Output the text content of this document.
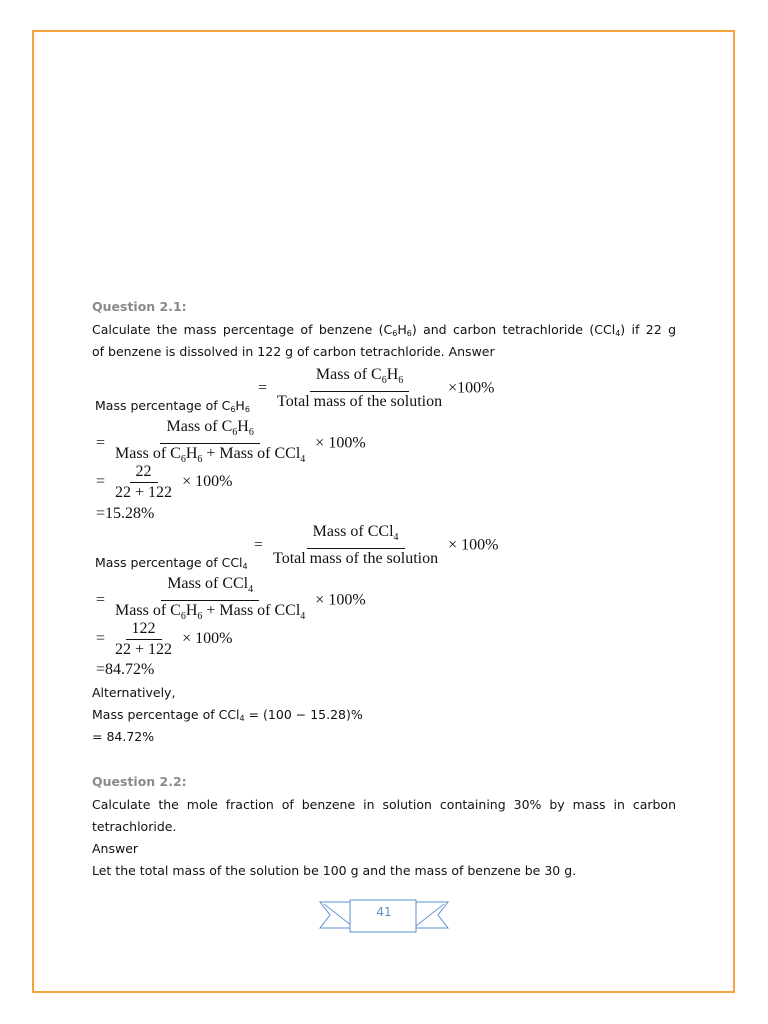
Question 2.1:
Calculate the mass percentage of benzene $(C_6H_6)$ and carbon tetrachloride (CCl$_4$) if 22 g
of benzene is dissolved in 122 g of carbon tetrachloride. Answer
= $\frac{Mass of C_6H_6}{\text{Total mass of the solution}} \times 100\%$
Mass percentage of $C_6H_6$
= $\frac{Mass of C_6H_6}{Mass of C_6H_6 + Mass of CCl_4} \times 100\%$
= $\frac{22}{22 + 122} \times 100\%$
=15.28%
= $\frac{Mass of CCl_4}{\text{Total mass of the solution}} \times 100\%$
Mass percentage of CCl$_4$
= $\frac{Mass of CCl_4}{Mass of C_6H_6 + Mass of CCl_4} \times 100\%$
= $\frac{122}{22 + 122} \times 100\%$
=84.72%
Alternatively,
Mass percentage of CCl$_4$ = (100 − 15.28)%
= 84.72%
Question 2.2:
Calculate the mole fraction of benzene in solution containing 30% by mass in carbon
tetrachloride.
Answer
Let the total mass of the solution be 100 g and the mass of benzene be 30 g.
41
